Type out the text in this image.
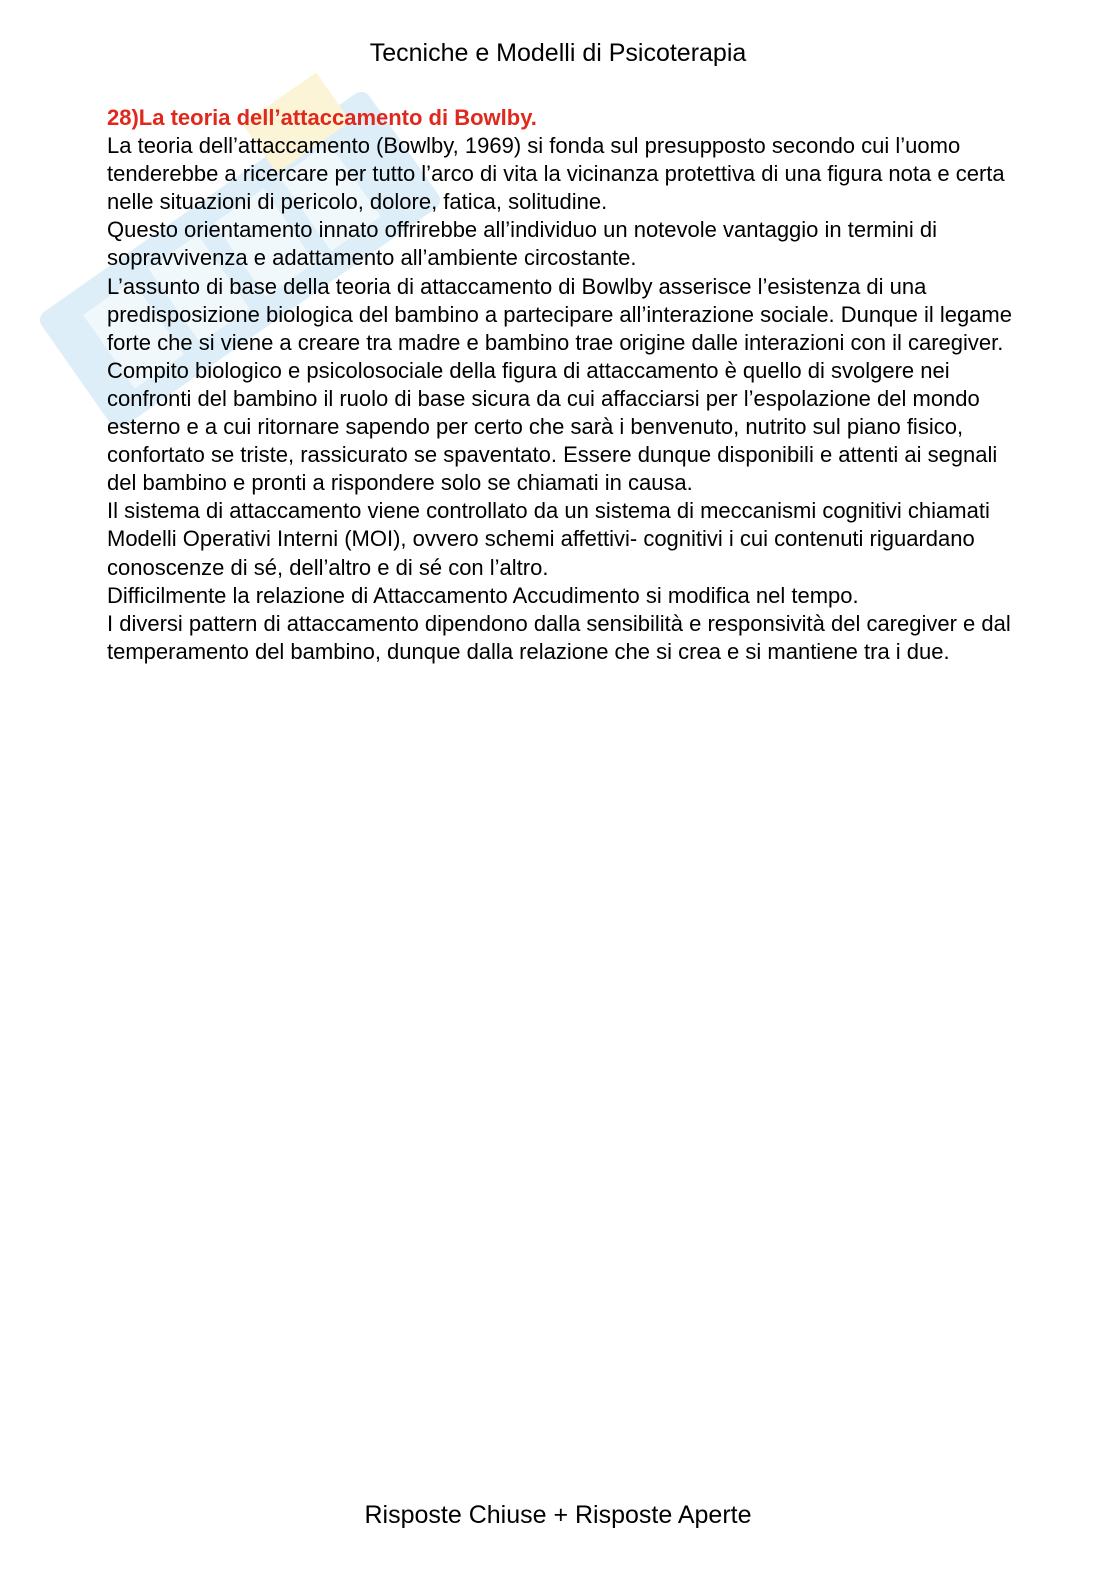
Tecniche e Modelli di Psicoterapia

28)La teoria dell’attaccamento di Bowlby.

La teoria dell’attaccamento (Bowlby, 1969) si fonda sul presupposto secondo cui l’uomo tenderebbe a ricercare per tutto l’arco di vita la vicinanza protettiva di una figura nota e certa nelle situazioni di pericolo, dolore, fatica, solitudine.

Questo orientamento innato offrirebbe all’individuo un notevole vantaggio in termini di sopravvivenza e adattamento all’ambiente circostante.

L’assunto di base della teoria di attaccamento di Bowlby asserisce l’esistenza di una predisposizione biologica del bambino a partecipare all’interazione sociale. Dunque il legame forte che si viene a creare tra madre e bambino trae origine dalle interazioni con il caregiver. Compito biologico e psicolosociale della figura di attaccamento è quello di svolgere nei confronti del bambino il ruolo di base sicura da cui affacciarsi per l’espolazione del mondo esterno e a cui ritornare sapendo per certo che sarà i benvenuto, nutrito sul piano fisico, confortato se triste, rassicurato se spaventato. Essere dunque disponibili e attenti ai segnali del bambino e pronti a rispondere solo se chiamati in causa.

Il sistema di attaccamento viene controllato da un sistema di meccanismi cognitivi chiamati Modelli Operativi Interni (MOI), ovvero schemi affettivi- cognitivi i cui contenuti riguardano conoscenze di sé, dell’altro e di sé con l’altro.

Difficilmente la relazione di Attaccamento Accudimento si modifica nel tempo.

I diversi pattern di attaccamento dipendono dalla sensibilità e responsività del caregiver e dal temperamento del bambino, dunque dalla relazione che si crea e si mantiene tra i due.

Risposte Chiuse + Risposte Aperte
